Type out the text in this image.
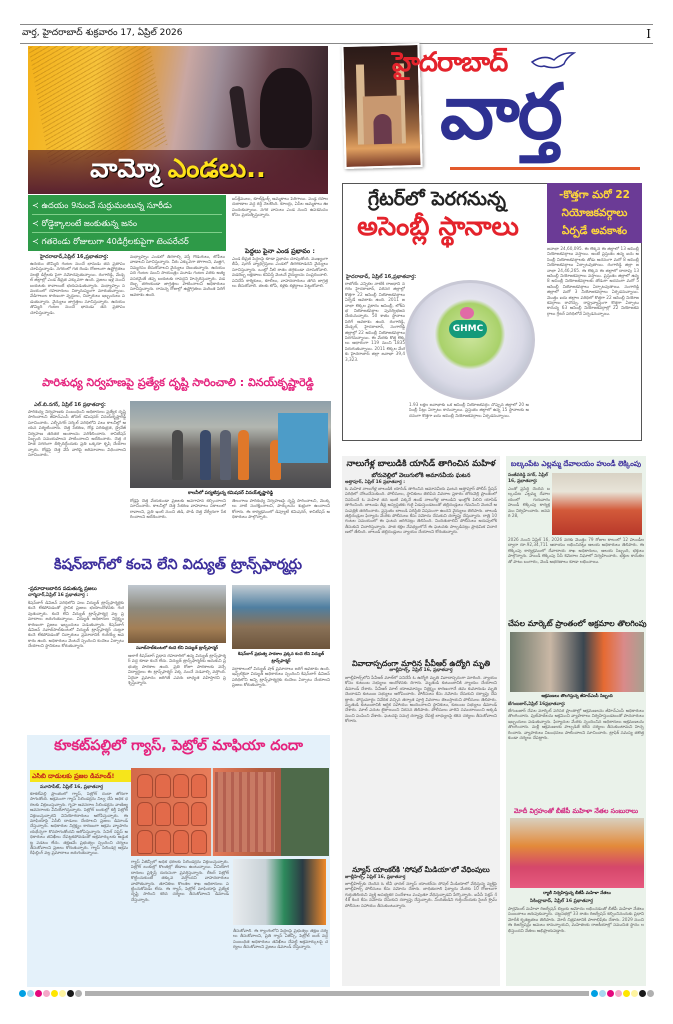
వార్త, హైదరాబాద్ శుక్రవారం 17, ఏప్రిల్ 2026	I
వామ్మో ఎండలు..
≺ ఉదయం 9నుంచే సుర్రుమంటున్న సూరీడు
≺ రోడ్డెక్కాలంటే జంకుతున్న జనం
≺ గతరెండు రోజులుగా 40డిగ్రీలకుపైగా టెంపరేచర్
హైదరాబాద్,ఏప్రిల్ 16,ప్రభాతవార్త:
ఉదయం తొమ్మిది గంటల నుంచే భానుడు తన ప్రతాపం చూపిస్తున్నాడు. నగరంలో గత రెండు రోజులుగా ఉష్ణోగ్రతలు నలభై డిగ్రీలకు పైగా నమోదవుతున్నాయి. రంగారెడ్డి, మేడ్చల్ జిల్లాల్లో ఎండ తీవ్రత ఎక్కువగా ఉంది. ప్రజలు ఇళ్ల నుంచి బయటకు రావాలంటే భయపడుతున్నారు. మధ్యాహ్నం సమయంలో రహదారులు నిర్మానుష్యంగా మారుతున్నాయి. వేడిగాలుల కారణంగా వృద్ధులు, చిన్నారులు ఇబ్బందులు పడుతున్నారు. వైద్యులు జాగ్రత్తలు సూచిస్తున్నారు. ఉదయం తొమ్మిది గంటల నుంచే భానుడు తన ప్రతాపం చూపిస్తున్నాడు.
మధ్యాహ్నం ఎండలో తిరగాల్సి వస్తే గొడుగులు, టోపీలు వాడాలని సూచిస్తున్నారు. నీరు ఎక్కువగా తాగాలని, మజ్జిగ, నిమ్మరసం తీసుకోవాలని వైద్యులు చెబుతున్నారు. ఉదయం పది గంటల నుంచి సాయంత్రం మూడు గంటల వరకు అత్యవసరమైతే తప్ప బయటకు రావద్దని హెచ్చరిస్తున్నారు. వడదెబ్బ తగలకుండా జాగ్రత్తలు పాటించాలని అధికారులు సూచిస్తున్నారు. రానున్న రోజుల్లో ఉష్ణోగ్రతలు మరింత పెరిగే అవకాశం ఉంది.
ఐస్‌క్రీములు, కూల్‌డ్రింక్స్ అమ్మకాలు పెరిగాయి. పండ్ల రసాల దుకాణాల వద్ద రద్దీ నెలకొంది. కూలర్లు, ఏసీల అమ్మకాలు ఊపందుకున్నాయి. నగర వాసులు ఎండ నుంచి ఉపశమనం కోసం ప్రయత్నిస్తున్నారు.
పెద్దలు పైనా ఎండ ప్రభావం :
ఎండ తీవ్రత పెద్దలపై కూడా ప్రభావం చూపుతోంది. ముఖ్యంగా బీపీ, షుగర్ వ్యాధిగ్రస్తులు ఎండలో తిరగకూడదని వైద్యులు సూచిస్తున్నారు. ఒంట్లో నీటి శాతం తగ్గకుండా చూసుకోవాలి. వడదెబ్బ లక్షణాలు కనిపిస్తే వెంటనే వైద్యులను సంప్రదించాలి. పనిచేసే కార్మికులు, కూలీలు, వాహనదారులు తగిన జాగ్రత్తలు తీసుకోవాలి. తలకు టోపీ, కళ్లకు కళ్లద్దాలు పెట్టుకోవాలి.
హైదరాబాద్
వార్త
గ్రేటర్‌లో పెరగనున్న
అసెంబ్లీ స్థానాలు
-కొత్తగా మరో 22
నియోజకవర్గాలు
ఏర్పడే అవకాశం
హైదరాబాద్, ఏప్రిల్ 16,ప్రభాతవార్త:
రాబోయే ఎన్నికల నాటికి రాజధాని నగరం హైదరాబాద్, పరిసర జిల్లాల్లో కొత్తగా 22 అసెంబ్లీ నియోజకవర్గాలు ఏర్పడే అవకాశం ఉంది. 2011 జనాభా లెక్కల ప్రకారం అసెంబ్లీ, లోక్‌సభ నియోజకవర్గాల పునర్విభజన చేయనున్నారు. 50 శాతం స్థానాలు పెరిగే అవకాశం ఉంది. రంగారెడ్డి, మేడ్చల్, హైదరాబాద్, సంగారెడ్డి జిల్లాల్లో 22 అసెంబ్లీ నియోజకవర్గాలు పెరగనున్నాయి. ఈ మేరకు కొత్త లెక్కలు ఆధారంగా 119 నుంచి 1835 పెరుగుతున్నాయి. 2011 లెక్కల మేరకు హైదరాబాద్ జిల్లా జనాభా 39,43,323.
GHMC
1.93 లక్షల జనాభాకు ఒక అసెంబ్లీ నియోజకవర్గం చొప్పున జిల్లాలో 20 అసెంబ్లీ సీట్లు ఏర్పాటు కానున్నాయి. ప్రస్తుతం జిల్లాలో ఉన్న 15 స్థానాలకు అదనంగా కొత్తగా ఐదు అసెంబ్లీ నియోజకవర్గాలు ఏర్పడనున్నాయి.
జనాభా 24,60,095. ఈ లెక్కన ఈ జిల్లాలో 13 అసెంబ్లీ నియోజకవర్గాలు వస్తాయి. అంటే ప్రస్తుతం ఉన్న ఐదు అసెంబ్లీ నియోజకవర్గాలకు తోడు అదనంగా మరో 8 అసెంబ్లీ నియోజకవర్గాలు ఏర్పాటవుతాయి. రంగారెడ్డి జిల్లా జనాభా 24,46,265. ఈ లెక్కన ఈ జిల్లాలో దాదాపు 13 అసెంబ్లీ నియోజకవర్గాలు వస్తాయి. ప్రస్తుతం జిల్లాలో ఉన్న 8 అసెంబ్లీ నియోజకవర్గాలకు తోడుగా అదనంగా మరో 5 అసెంబ్లీ నియోజకవర్గాలు ఏర్పాటవుతాయి. సంగారెడ్డి జిల్లాలో మరో 3 నియోజకవర్గాలు ఏర్పడనున్నాయి. మొత్తం ఐదు జిల్లాల పరిధిలో కొత్తగా 22 అసెంబ్లీ నియోజకవర్గాలు రావొచ్చు. రాష్ట్రవ్యాప్తంగా కొత్తగా ఏర్పాటు కానున్న 63 అసెంబ్లీ నియోజకవర్గాల్లో 22 నియోజకవర్గాలు గ్రేటర్ పరిధిలోనే ఏర్పడనున్నాయి.
పారిశుధ్య నిర్వహణపై ప్రత్యేక దృష్టి సారించాలి : వినయ్‌కృష్ణారెడ్డి
ఎల్.బి.నగర్, ఏప్రిల్ 16 ప్రభాతవార్త:
పారిశుధ్య నిర్వహణకు సంబంధించి అధికారులు ప్రత్యేక దృష్టి సారించాలని జీహెచ్ఎంసీ జోనల్ కమిషనర్ వినయ్‌కృష్ణారెడ్డి సూచించారు. ఎల్బీనగర్ సర్కిల్ పరిధిలోని పలు కాలనీల్లో ఆయన పర్యటించారు. చెత్త సేకరణ, రోడ్ల పరిశుభ్రత, డ్రైనేజీ నిర్వహణ తదితర అంశాలను పరిశీలించారు. శానిటేషన్ సిబ్బంది సమయపాలన పాటించాలని ఆదేశించారు. చెత్త రహిత నగరంగా తీర్చిదిద్దేందుకు ప్రతి ఒక్కరూ కృషి చేయాలన్నారు. రోడ్లపై చెత్త వేసే వారిపై జరిమానాలు విధించాలని సూచించారు.
కాలనీలో పర్యటిస్తున్న కమిషనర్ వినయ్‌కృష్ణారెడ్డి
రోడ్లపై చెత్త వేయకుండా ప్రజలకు అవగాహన కల్పించాలని సూచించారు. కాలనీల్లో చెత్త సేకరణ వాహనాలు సకాలంలో రావాలని, ప్రతి ఇంటి నుంచి తడి, పొడి చెత్త వేర్వేరుగా సేకరించాలని ఆదేశించారు.
తెలంగాణ పారిశుధ్య నిర్వహణపై దృష్టి సారించాలని, మొక్కలు నాటి సంరక్షించాలని, పార్కులను శుభ్రంగా ఉంచాలని కోరారు. ఈ కార్యక్రమంలో డిప్యూటీ కమిషనర్, శానిటేషన్ అధికారులు పాల్గొన్నారు.
కిషన్‌బాగ్‌లో కంచె లేని విద్యుత్ ట్రాన్స్‌ఫార్మర్లు
-ప్రమాదాలబారిన పడుతున్న ప్రజలు
చార్మినార్,ఏప్రిల్ 16 ప్రభాతవార్త :
కిషన్‌బాగ్ డివిజన్ పరిధిలోని పలు విద్యుత్ ట్రాన్స్‌ఫార్మర్లకు కంచె లేకపోవడంతో స్థానిక ప్రజలు భయాందోళనకు గురవుతున్నారు. కంచె లేని విద్యుత్ ట్రాన్స్‌ఫార్మర్ల వల్ల ప్రమాదాలు జరుగుతున్నాయి. విద్యుత్ అధికారుల నిర్లక్ష్యం కారణంగా ప్రజలు ఇబ్బందులు పడుతున్నారు. కిషన్‌బాగ్ డివిజన్ నవాబ్‌సాబ్‌కుంటలో విద్యుత్ ట్రాన్స్‌ఫార్మర్ చుట్టూ కంచె లేకపోవడంతో చిన్నారులు ప్రమాదానికి గురయ్యే అవకాశం ఉంది. అధికారులు వెంటనే స్పందించి కంచెలు ఏర్పాటు చేయాలని స్థానికులు కోరుతున్నారు.	నవాబ్‌సాబ్‌కుంటలో కంచె లేని విద్యుత్ ట్రాన్స్‌ఫార్మర్
కిషన్‌బాగ్ ప్రభుత్వ పాఠశాల ప్రక్కన కంచె లేని విద్యుత్ ట్రాన్స్‌ఫార్మర్
అలాగే కిషన్‌బాగ్ ప్రధాన రహదారిలో ఉన్న విద్యుత్ ట్రాన్స్‌ఫార్మర్ వద్ద కూడా కంచె లేదు. విద్యుత్ ట్రాన్స్‌ఫార్మర్‌కు ఆనుకుని ప్రభుత్వ పాఠశాల ఉంది. ప్రతి రోజూ పాఠశాలకు వచ్చే విద్యార్థులు ఈ ట్రాన్స్‌ఫార్మర్ పక్క నుంచే నడవాల్సి వస్తోంది. ఏదైనా ప్రమాదం జరిగితే ఎవరు బాధ్యత వహిస్తారని ప్రశ్నిస్తున్నారు.
వర్షాకాలంలో విద్యుత్ షాక్ ప్రమాదాలు జరిగే అవకాశం ఉంది. ఇప్పటికైనా విద్యుత్ అధికారులు స్పందించి కిషన్‌బాగ్ డివిజన్ పరిధిలోని అన్ని ట్రాన్స్‌ఫార్మర్లకు కంచెలు ఏర్పాటు చేయాలని ప్రజలు కోరుతున్నారు.
కూకట్‌పల్లిలో గ్యాస్, పెట్రోల్ మాఫియా దందా
ఎసిబి దాడులకు ప్రజల డిమాండ్!
మూసాపేట్, ఏప్రిల్ 16, ప్రభాతవార్త
కూకట్‌పల్లి ప్రాంతంలో గ్యాస్, పెట్రోల్ దందా జోరుగా సాగుతోంది. అక్రమంగా గ్యాస్ సిలిండర్లను నిల్వ చేసి అధిక ధరలకు విక్రయిస్తున్నారు. గృహ అవసరాల సిలిండర్లను వాణిజ్య అవసరాలకు వినియోగిస్తున్నారు. పెట్రోల్ బంకుల్లో కల్తీ పెట్రోల్ విక్రయిస్తున్నారని వినియోగదారులు ఆరోపిస్తున్నారు. ఈ మాఫియాపై ఏసీబీ దాడులు చేయాలని ప్రజలు డిమాండ్ చేస్తున్నారు. అధికారుల నిర్లక్ష్యం కారణంగా అక్రమ వ్యాపారం యథేచ్ఛగా కొనసాగుతోందని ఆరోపిస్తున్నారు. సివిల్ సప్లైస్ అధికారులు తనిఖీలు చేపట్టకపోవడంతో అక్రమార్కులకు అడ్డుకట్ట పడటం లేదు. తక్షణమే ప్రభుత్వం స్పందించి చర్యలు తీసుకోవాలని ప్రజలు కోరుతున్నారు. గ్యాస్ సిలిండర్ల అక్రమ రీఫిల్లింగ్ వల్ల ప్రమాదాలు జరుగుతున్నాయి.
గ్యాస్ ఏజెన్సీలో అధిక ధరలకు సిలిండర్లను విక్రయిస్తున్నారు. పెట్రోల్ బంకుల్లో కొలతల్లో తేడాలు ఉంటున్నాయి. వినియోగదారులు ప్రశ్నిస్తే దురుసుగా ప్రవర్తిస్తున్నారు. లీటర్ పెట్రోల్ కొట్టించుకుంటే తక్కువ వస్తోందని వాహనదారులు వాపోతున్నారు. తూనికలు కొలతల శాఖ అధికారులు పట్టించుకోవడం లేదు. ఈ గ్యాస్, పెట్రోల్ మాఫియాపై ప్రత్యేక దృష్టి సారించి కఠిన చర్యలు తీసుకోవాలని డిమాండ్ చేస్తున్నారు.
తీసుకోవాలి. ఈ గ్యాంగులోని పెద్దలపై ప్రభుత్వం తక్షణ చర్యలు తీసుకోవాలని, ప్రతి గ్యాస్ ఏజెన్సీ, పెట్రోల్ బంక్ వద్ద సంబంధిత అధికారులు తనిఖీలు చేపట్టి అక్రమార్కులపై చర్యలు తీసుకోవాలని ప్రజలు డిమాండ్ చేస్తున్నారు.
నాలుగేళ్ల బాలుడికి యాసిడ్ తాగించిన మహిళ
బోరువెల్లిలో వెలుగులోకి అమానవీయ ఘటన
అత్తాపూర్, ఏప్రిల్ 16 ప్రభాతవార్త :
ఓ మహిళ నాలుగేళ్ల బాలుడికి యాసిడ్ తాగించిన అమానవీయ ఘటన అత్తాపూర్ పోలీస్ స్టేషన్ పరిధిలో చోటుచేసుకుంది. పోలీసులు, స్థానికులు తెలిపిన వివరాల ప్రకారం బోరువెల్లి ప్రాంతంలో నివసించే ఓ మహిళ తన ఇంటి పక్కనే ఉండే నాలుగేళ్ల బాలుడిని ఇంట్లోకి పిలిచి యాసిడ్ తాగించింది. బాలుడు తీవ్ర అస్వస్థతకు గురై ఏడుస్తుండటంతో తల్లిదండ్రులు గమనించి వెంటనే ఆసుపత్రికి తరలించారు. ప్రస్తుతం బాలుడి పరిస్థితి విషమంగా ఉందని వైద్యులు తెలిపారు. బాలుడి తల్లిదండ్రుల ఫిర్యాదు మేరకు పోలీసులు కేసు నమోదు చేసుకుని దర్యాప్తు చేస్తున్నారు. రాత్రి 10 గంటల సమయంలో ఈ ఘటన జరిగినట్లు తెలిసింది. నిందితురాలిని పోలీసులు అదుపులోకి తీసుకుని విచారిస్తున్నారు. పాత కక్షల నేపథ్యంలోనే ఈ ఘటనకు పాల్పడినట్లు ప్రాథమిక విచారణలో తేలింది. బాలుడి తల్లిదండ్రులు న్యాయం చేయాలని కోరుతున్నారు.
వివాదాస్పదంగా మారిన పీవీఆర్ ఉద్యోగి మృతి
జూబ్లీహిల్స్, ఏప్రిల్ 16, ప్రభాతవార్త
జూబ్లీహిల్స్‌లోని పీవీఆర్ మాల్‌లో పనిచేసే ఓ ఉద్యోగి మృతి వివాదాస్పదంగా మారింది. న్యాయం కోసం కుటుంబ సభ్యులు ఆందోళనకు దిగారు. మృతుడి కుటుంబానికి న్యాయం చేయాలని డిమాండ్ చేశారు. పీవీఆర్ మాల్ యాజమాన్యం నిర్లక్ష్యం కారణంగానే తమ కుమారుడు మృతి చెందాడని కుటుంబ సభ్యులు ఆరోపించారు. పోలీసులు కేసు నమోదు చేసుకుని దర్యాప్తు చేపట్టారు. పోస్టుమార్టం నివేదిక వచ్చిన తర్వాత పూర్తి వివరాలు తెలుస్తాయని పోలీసులు తెలిపారు. మృతుడి కుటుంబానికి ఆర్థిక సహాయం అందించాలని స్థానికులు, కుటుంబ సభ్యులు డిమాండ్ చేశారు. మాల్ ఎదుట బైఠాయించి నిరసన తెలిపారు. పోలీసులు వారిని సముదాయించి అక్కడి నుంచి పంపించి వేశారు. ఘటనపై సమగ్ర దర్యాప్తు చేపట్టి బాధ్యులపై కఠిన చర్యలు తీసుకోవాలని కోరారు.
న్యూస్ యాంకర్‌కి 'సోషల్ మీడియా'లో వేధింపులు
జూబ్లీహిల్స్, ఏప్రిల్ 16, ప్రభాతవార్త
జూబ్లీహిల్స్‌కు చెందిన ఓ టీవీ ఛానల్ న్యూస్ యాంకర్‌ను సోషల్ మీడియాలో వేధిస్తున్న వ్యక్తిపై జూబ్లీహిల్స్ పోలీసులు కేసు నమోదు చేశారు. బాధితురాలి ఫిర్యాదు మేరకు 10 రోజులుగా గుర్తుతెలియని వ్యక్తి అసభ్యకర సందేశాలు పంపుతూ వేధిస్తున్నాడని పేర్కొన్నారు. ఐపీసీ సెక్షన్ 448 కింద కేసు నమోదు చేసుకుని దర్యాప్తు చేస్తున్నారు. నిందితుడిని గుర్తించేందుకు సైబర్ క్రైమ్ పోలీసుల సహాయం తీసుకుంటున్నారు.
బల్కంపేట ఎల్లమ్మ దేవాలయం హుండీ లెక్కింపు
సంజీవరెడ్డి నగర్, ఏప్రిల్ 16, ప్రభాతవార్త:
ఎంతో ప్రసిద్ధి చెందిన బల్కంపేట ఎల్లమ్మ దేవాలయంలో గురువారం హుండీ లెక్కింపు కార్యక్రమం నిర్వహించారు. జనవరి 28,
2026 నుంచి ఏప్రిల్ 16, 2026 వరకు మొత్తం 79 రోజుల కాలంలో 12 హుండీల ద్వారా రూ.92,34,711 ఆదాయం లభించినట్లు ఆలయ అధికారులు తెలిపారు. ఈ లెక్కింపు కార్యక్రమంలో దేవాదాయ శాఖ అధికారులు, ఆలయ సిబ్బంది, భక్తులు పాల్గొన్నారు. హుండీ లెక్కింపు సీసీ కెమెరాల నిఘాలో నిర్వహించారు. భక్తుల కానుకలతో పాటు బంగారం, వెండి ఆభరణాలు కూడా లభించాయి.
చేపల మార్కెట్ ప్రాంతంలో అక్రమాల తొలగింపు
ఆక్రమణలు తొలగిస్తున్న జీహెచ్ఎంసీ సిబ్బంది
బేగంబజార్,ఏప్రిల్ 16ప్రభాతవార్త:
బేగంబజార్ చేపల మార్కెట్ పరిసర ప్రాంతాల్లో ఆక్రమణలను జీహెచ్ఎంసీ అధికారులు తొలగించారు. ఫుట్‌పాత్‌లను ఆక్రమించి వ్యాపారాలు నిర్వహిస్తుండటంతో పాదచారులు ఇబ్బందులు పడుతున్నారు. ఫిర్యాదుల మేరకు స్పందించిన అధికారులు ఆక్రమణలను తొలగించారు. మళ్లీ ఆక్రమణలకు పాల్పడితే కఠిన చర్యలు తీసుకుంటామని హెచ్చరించారు. వ్యాపారులు నిబంధనలు పాటించాలని సూచించారు. ట్రాఫిక్ సమస్య తలెత్తకుండా చర్యలు చేపట్టారు.
మోదీ విగ్రహంతో బీజేపీ మహిళా నేతల సంబురాలు
ర్యాలీ నిర్వహిస్తున్న బీజేపీ మహిళా నేతలు
సికింద్రాబాద్, ఏప్రిల్ 16 ప్రభాతవార్త
పార్లమెంట్ మహిళా రిజర్వేషన్ బిల్లుకు ఆమోదం లభించడంతో బీజేపీ మహిళా నేతలు సంబురాలు జరుపుకున్నారు. చట్టసభల్లో 33 శాతం రిజర్వేషన్ కల్పించినందుకు ప్రధాని మోదీకి కృతజ్ఞతలు తెలిపారు. మోదీ చిత్రపటానికి పాలాభిషేకం చేశారు. 2029 నుంచి ఈ రిజర్వేషన్లు అమలు కానున్నాయని, మహిళలకు రాజకీయాల్లో సముచిత స్థానం లభిస్తుందని నేతలు అభిప్రాయపడ్డారు.
